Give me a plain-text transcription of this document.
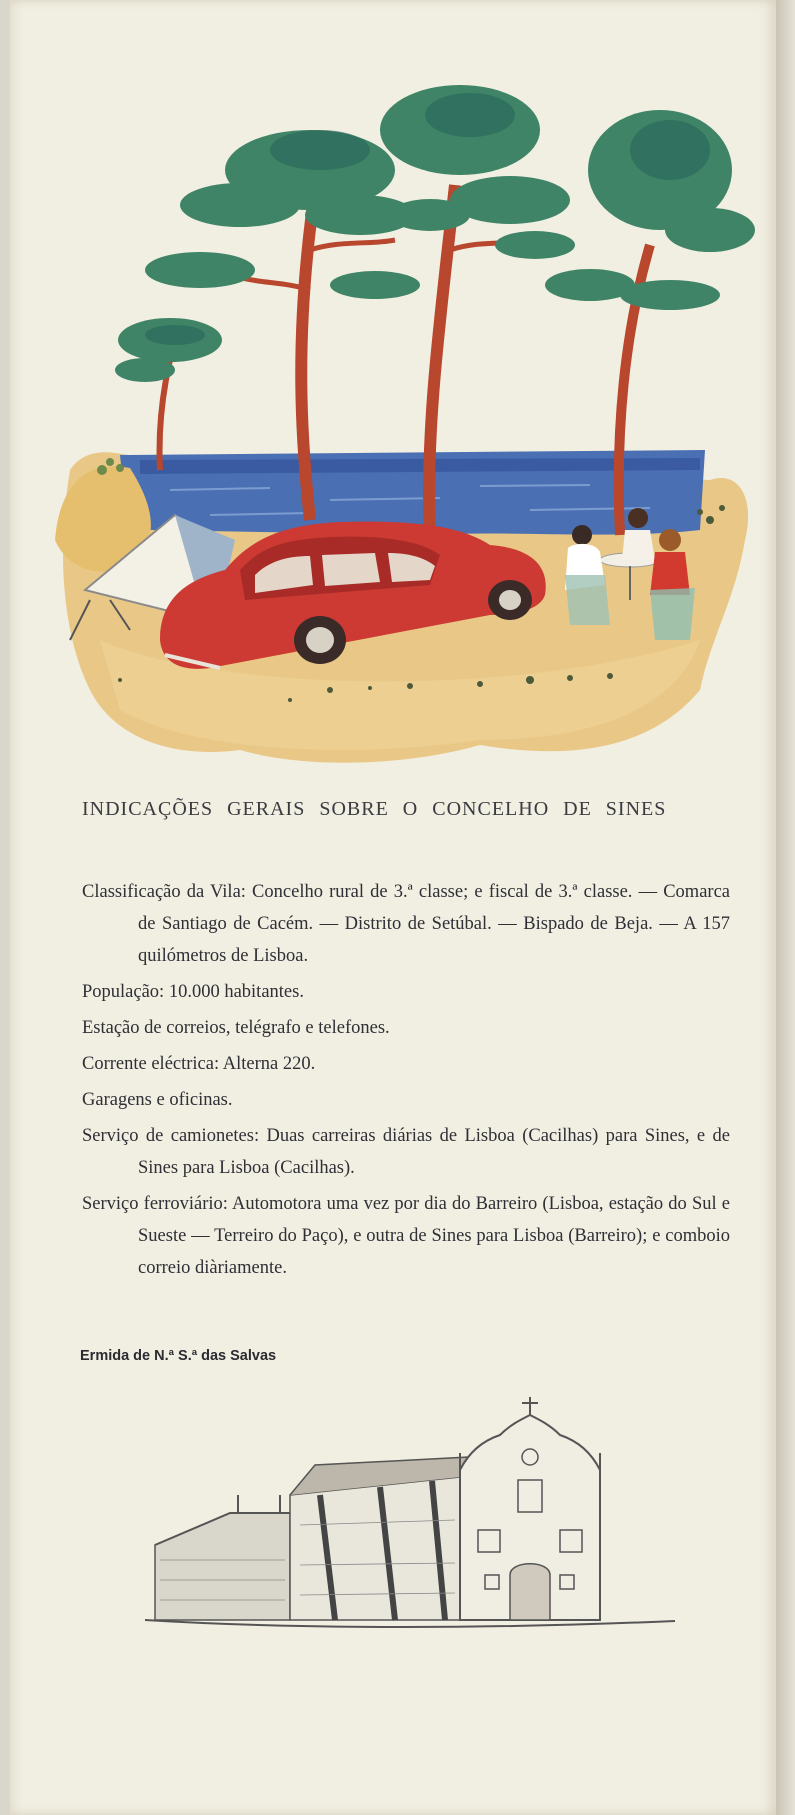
INDICAÇÕES GERAIS SOBRE O CONCELHO DE SINES

Classificação da Vila: Concelho rural de 3.ª classe; e fiscal de 3.ª classe. — Comarca de Santiago de Cacém. — Distrito de Setúbal. — Bispado de Beja. — A 157 quilómetros de Lisboa.

População: 10.000 habitantes.

Estação de correios, telégrafo e telefones.

Corrente eléctrica: Alterna 220.

Garagens e oficinas.

Serviço de camionetes: Duas carreiras diárias de Lisboa (Cacilhas) para Sines, e de Sines para Lisboa (Cacilhas).

Serviço ferroviário: Automotora uma vez por dia do Barreiro (Lisboa, estação do Sul e Sueste — Terreiro do Paço), e outra de Sines para Lisboa (Barreiro); e comboio correio diàriamente.

Ermida de N.ª S.ª das Salvas
